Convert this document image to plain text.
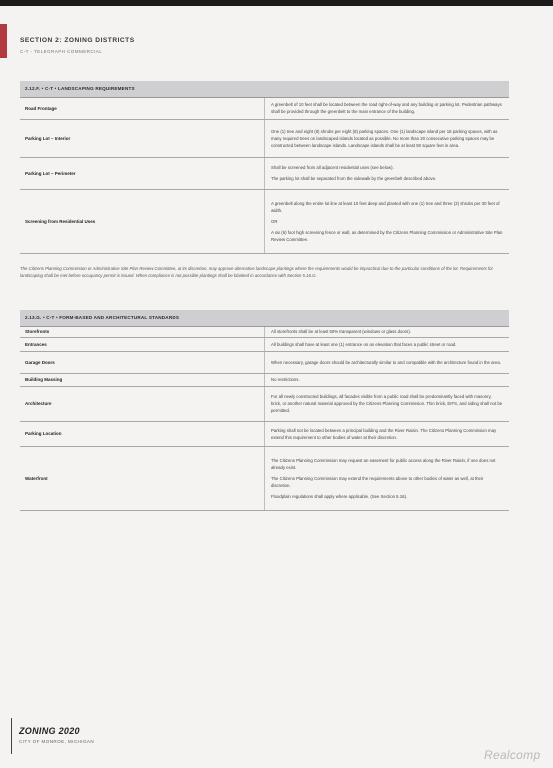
SECTION 2: ZONING DISTRICTS
C-T - TELEGRAPH COMMERCIAL
2.12.F. • C-T • LANDSCAPING REQUIREMENTS	
Road Frontage	A greenbelt of 10 feet shall be located between the road right-of-way and any building or parking lot. Pedestrian pathways shall be provided through the greenbelt to the main entrance of the building.

Parking Lot – Interior	One (1) tree and eight (8) shrubs per eight (8) parking spaces. One (1) landscape island per 18 parking spaces, with as many required trees on landscaped islands located as possible. No more than 20 consecutive parking spaces may be constructed between landscape islands. Landscape islands shall be at least 50 square feet in area.

Parking Lot – Perimeter	Shall be screened from all adjacent residential uses (see below).

The parking lot shall be separated from the sidewalk by the greenbelt described above.

Screening from Residential Uses	A greenbelt along the entire lot line at least 10 feet deep and planted with one (1) tree and three (3) shrubs per 30 feet of width.

OR

A six (6) foot high screening fence or wall, as determined by the Citizens Planning Commission or Administrative Site Plan Review Committee.

The Citizens Planning Commission or Administrative Site Plan Review Committee, at its discretion, may approve alternative landscape plantings where the requirements would be impractical due to the particular conditions of the lot. Requirements for landscaping shall be met before occupancy permit is issued. When compliance is not possible plantings shall be blanked in accordance with Section 5.16.G.

2.13.G. • C-T • FORM-BASED AND ARCHITECTURAL STANDARDS	
Storefronts	All storefronts shall be at least 50% transparent (windows or glass doors).

Entrances	All buildings shall have at least one (1) entrance on an elevation that faces a public street or road.

Garage Doors	When necessary, garage doors should be architecturally similar to and compatible with the architecture found in the area.

Building Massing	No restrictions.

Architecture	For all newly constructed buildings, all facades visible from a public road shall be predominantly faced with masonry, brick, or another natural material approved by the Citizens Planning Commission. Thin brick, EIFS, and siding shall not be permitted.

Parking Location	Parking shall not be located between a principal building and the River Raisin. The Citizens Planning Commission may extend this requirement to other bodies of water at their discretion.

Waterfront	The Citizens Planning Commission may request an easement for public access along the River Raisin, if one does not already exist.

The Citizens Planning Commission may extend the requirements above to other bodies of water as well, at their discretion.

Floodplain regulations shall apply where applicable. (See Section 5.16).

ZONING 2020
CITY OF MONROE, MICHIGAN
Realcomp
